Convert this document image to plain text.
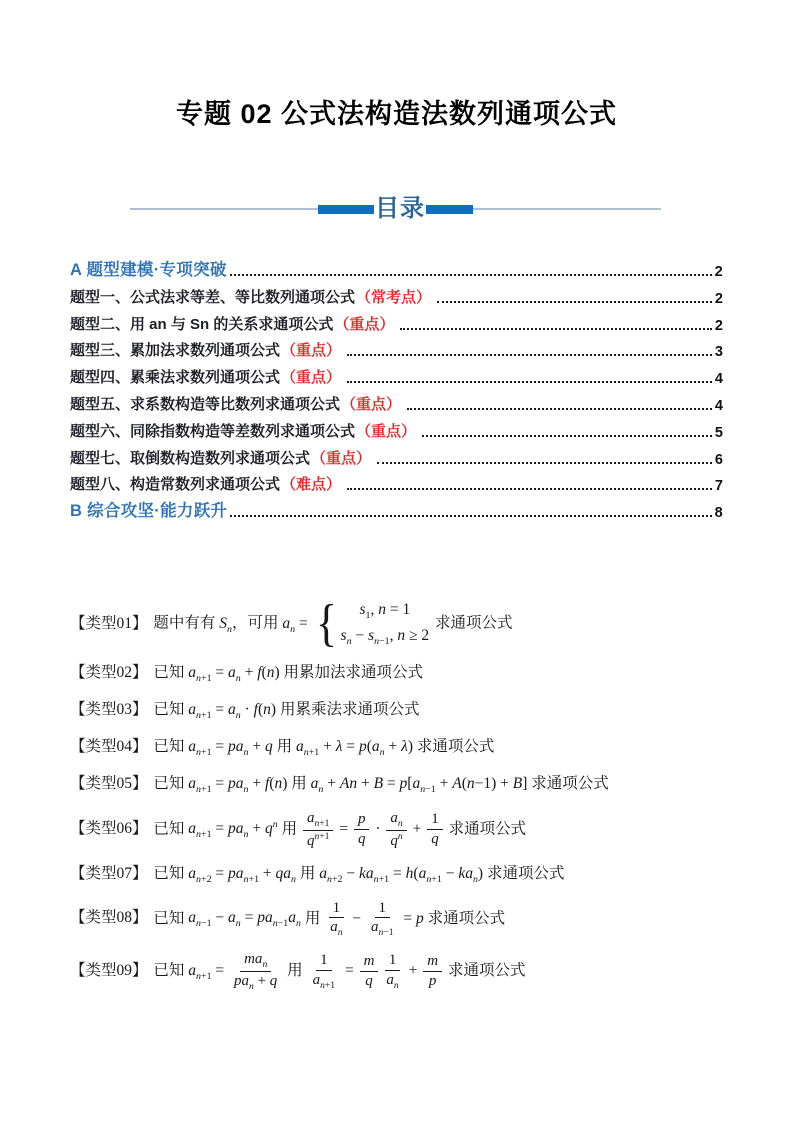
专题 02 公式法构造法数列通项公式
目录
A 题型建模·专项突破	2
题型一、公式法求等差、等比数列通项公式 （常考点）	2
题型二、用 an 与 Sn 的关系求通项公式 （重点）	2
题型三、累加法求数列通项公式 （重点）	3
题型四、累乘法求数列通项公式 （重点）	4
题型五、求系数构造等比数列求通项公式 （重点）	4
题型六、同除指数构造等差数列求通项公式 （重点）	5
题型七、取倒数构造数列求通项公式 （重点）	6
题型八、构造常数列求通项公式 （难点）	7
B 综合攻坚·能力跃升	8
【类型01】 题中有有 $S_n$，可用 $a_n$ = { $s_1$, n = 1
$s_n - s_{n-1}$, n ≥ 2
求通项公式
【类型02】 已知 $a_{n+1} = a_n + f(n)$ 用累加法求通项公式
【类型03】 已知 $a_{n+1} = a_n \cdot f(n)$ 用累乘法求通项公式
【类型04】 已知 $a_{n+1} = pa_n + q$ 用 $a_{n+1} + \lambda = p(a_n + \lambda)$ 求通项公式
【类型05】 已知 $a_{n+1} = pa_n + f(n)$ 用 $a_n + An + B = p[a_{n-1} + A(n-1) + B]$ 求通项公式
【类型06】 已知 $a_{n+1} = pa_n + q^n$ 用 $\frac{a_{n+1}}{q^{n+1}} = \frac{p}{q} \cdot \frac{a_n}{q^n} + \frac{1}{q}$ 求通项公式
【类型07】 已知 $a_{n+2} = pa_{n+1} + qa_n$ 用 $a_{n+2} - ka_{n+1} = h(a_{n+1} - ka_n)$ 求通项公式
【类型08】 已知 $a_{n-1} - a_n = pa_{n-1}a_n$ 用 $\frac{1}{a_n} - \frac{1}{a_{n-1}} = p$ 求通项公式
【类型09】 已知 $a_{n+1} = \frac{ma_n}{pa_n + q}$ 用 $\frac{1}{a_{n+1}} = \frac{m}{q} \frac{1}{a_n} + \frac{m}{p}$ 求通项公式
